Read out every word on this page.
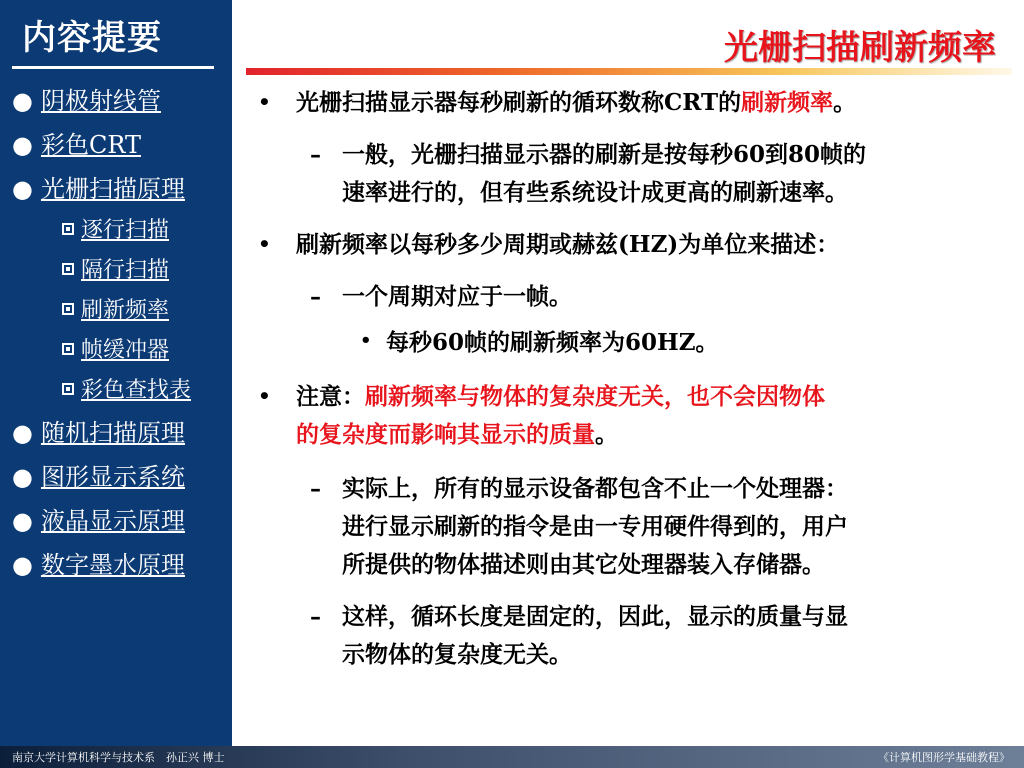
内容提要
● 阴极射线管
● 彩色CRT
● 光栅扫描原理
逐行扫描
隔行扫描
刷新频率
帧缓冲器
彩色查找表
● 随机扫描原理
● 图形显示系统
● 液晶显示原理
● 数字墨水原理
光栅扫描刷新频率
• 光栅扫描显示器每秒刷新的循环数称CRT的刷新频率。
– 一般，光栅扫描显示器的刷新是按每秒60到80帧的
速率进行的，但有些系统设计成更高的刷新速率。
• 刷新频率以每秒多少周期或赫兹(HZ)为单位来描述：
– 一个周期对应于一帧。
• 每秒60帧的刷新频率为60HZ。
• 注意：刷新频率与物体的复杂度无关，也不会因物体
的复杂度而影响其显示的质量。
– 实际上，所有的显示设备都包含不止一个处理器：
进行显示刷新的指令是由一专用硬件得到的，用户
所提供的物体描述则由其它处理器装入存储器。
– 这样，循环长度是固定的，因此，显示的质量与显
示物体的复杂度无关。
南京大学计算机科学与技术系　孙正兴 博士	《计算机图形学基础教程》
